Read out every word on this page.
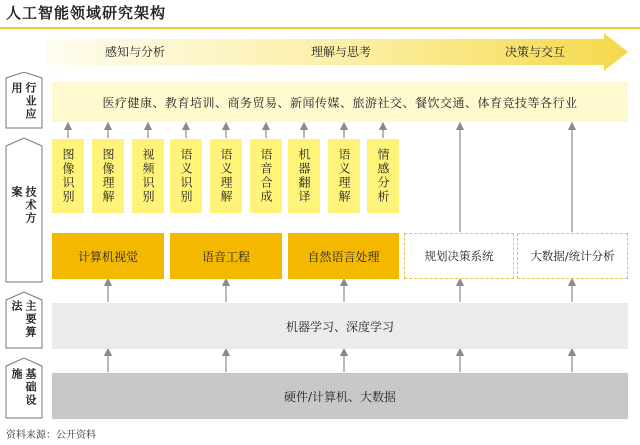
人工智能领域研究架构
感知与分析	理解与思考	决策与交互
行业应用
技术方案
主要算法
基础设施
医疗健康、教育培训、商务贸易、新闻传媒、旅游社交、餐饮交通、体育竞技等各行业
图像识别	图像理解	视频识别	语义识别	语义理解	语音合成	机器翻译	语义理解	情感分析
计算机视觉	语音工程	自然语言处理	规划决策系统	大数据/统计分析
机器学习、深度学习
硬件/计算机、大数据
资料来源：公开资料
